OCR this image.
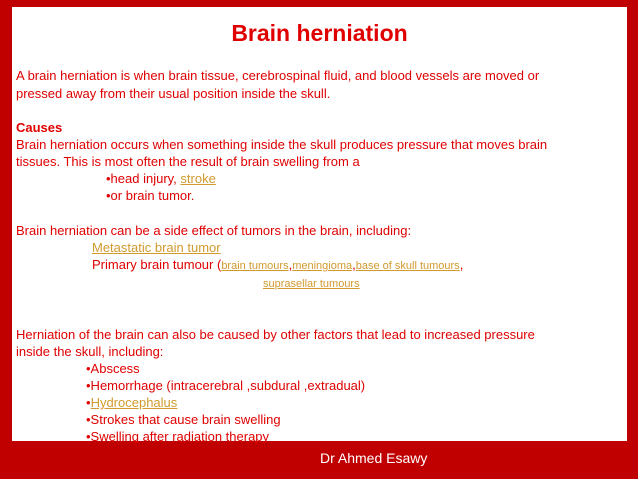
Brain herniation
A brain herniation is when brain tissue, cerebrospinal fluid, and blood vessels are moved or
pressed away from their usual position inside the skull.
Causes
Brain herniation occurs when something inside the skull produces pressure that moves brain
tissues. This is most often the result of brain swelling from a
•head injury, stroke
•or brain tumor.
Brain herniation can be a side effect of tumors in the brain, including:
Metastatic brain tumor
Primary brain tumour (brain tumours,meningioma,base of skull tumours,
suprasellar tumours
Herniation of the brain can also be caused by other factors that lead to increased pressure
inside the skull, including:
•Abscess
•Hemorrhage (intracerebral ,subdural ,extradual)
•Hydrocephalus
•Strokes that cause brain swelling
•Swelling after radiation therapy
Dr Ahmed Esawy
